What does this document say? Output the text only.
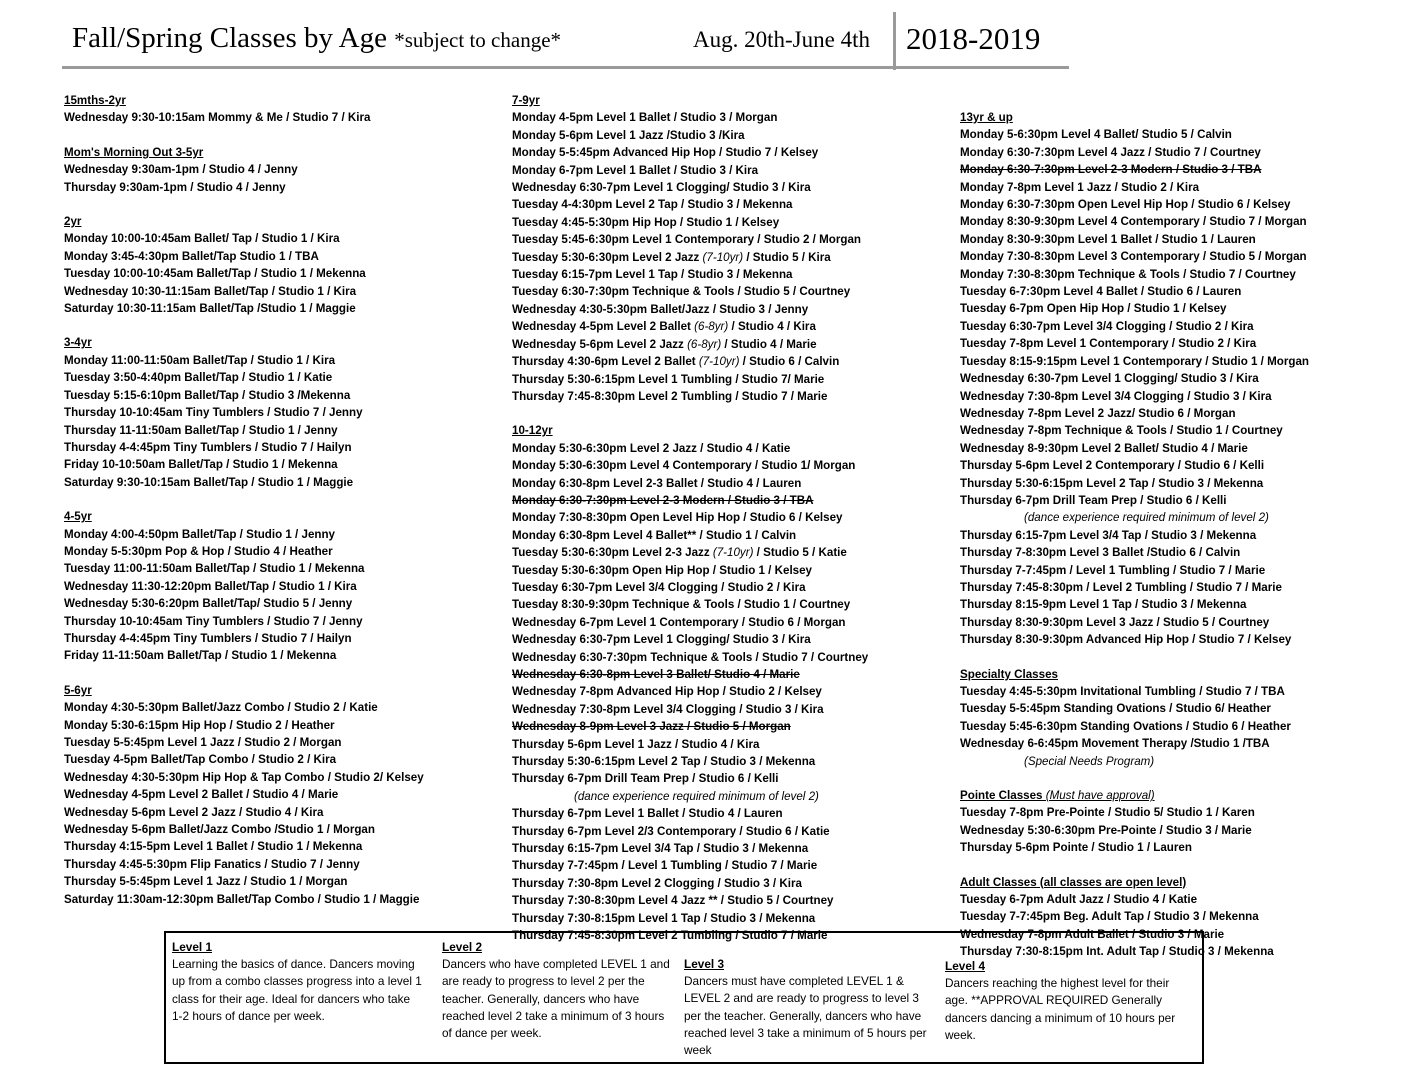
Fall/Spring Classes by Age *subject to change*	Aug. 20th-June 4th 2018-2019
15mths-2yr
Wednesday 9:30-10:15am Mommy & Me / Studio 7 / Kira
Mom's Morning Out 3-5yr
Wednesday 9:30am-1pm / Studio 4 / Jenny
Thursday 9:30am-1pm / Studio 4 / Jenny
2yr
Monday 10:00-10:45am Ballet/ Tap / Studio 1 / Kira
Monday 3:45-4:30pm Ballet/Tap Studio 1 / TBA
Tuesday 10:00-10:45am Ballet/Tap / Studio 1 / Mekenna
Wednesday 10:30-11:15am Ballet/Tap / Studio 1 / Kira
Saturday 10:30-11:15am Ballet/Tap /Studio 1 / Maggie
3-4yr
Monday 11:00-11:50am Ballet/Tap / Studio 1 / Kira
Tuesday 3:50-4:40pm Ballet/Tap / Studio 1 / Katie
Tuesday 5:15-6:10pm Ballet/Tap / Studio 3 /Mekenna
Thursday 10-10:45am Tiny Tumblers / Studio 7 / Jenny
Thursday 11-11:50am Ballet/Tap / Studio 1 / Jenny
Thursday 4-4:45pm Tiny Tumblers / Studio 7 / Hailyn
Friday 10-10:50am Ballet/Tap / Studio 1 / Mekenna
Saturday 9:30-10:15am Ballet/Tap / Studio 1 / Maggie
4-5yr
Monday 4:00-4:50pm Ballet/Tap / Studio 1 / Jenny
Monday 5-5:30pm Pop & Hop / Studio 4 / Heather
Tuesday 11:00-11:50am Ballet/Tap / Studio 1 / Mekenna
Wednesday 11:30-12:20pm Ballet/Tap / Studio 1 / Kira
Wednesday 5:30-6:20pm Ballet/Tap/ Studio 5 / Jenny
Thursday 10-10:45am Tiny Tumblers / Studio 7 / Jenny
Thursday 4-4:45pm Tiny Tumblers / Studio 7 / Hailyn
Friday 11-11:50am Ballet/Tap / Studio 1 / Mekenna
5-6yr
Monday 4:30-5:30pm Ballet/Jazz Combo / Studio 2 / Katie
Monday 5:30-6:15pm Hip Hop / Studio 2 / Heather
Tuesday 5-5:45pm Level 1 Jazz / Studio 2 / Morgan
Tuesday 4-5pm Ballet/Tap Combo / Studio 2 / Kira
Wednesday 4:30-5:30pm Hip Hop & Tap Combo / Studio 2/ Kelsey
Wednesday 4-5pm Level 2 Ballet / Studio 4 / Marie
Wednesday 5-6pm Level 2 Jazz / Studio 4 / Kira
Wednesday 5-6pm Ballet/Jazz Combo /Studio 1 / Morgan
Thursday 4:15-5pm Level 1 Ballet / Studio 1 / Mekenna
Thursday 4:45-5:30pm Flip Fanatics / Studio 7 / Jenny
Thursday 5-5:45pm Level 1 Jazz / Studio 1 / Morgan
Saturday 11:30am-12:30pm Ballet/Tap Combo / Studio 1 / Maggie
7-9yr
Monday 4-5pm Level 1 Ballet / Studio 3 / Morgan
Monday 5-6pm Level 1 Jazz /Studio 3 /Kira
Monday 5-5:45pm Advanced Hip Hop / Studio 7 / Kelsey
Monday 6-7pm Level 1 Ballet / Studio 3 / Kira
Wednesday 6:30-7pm Level 1 Clogging/ Studio 3 / Kira
Tuesday 4-4:30pm Level 2 Tap / Studio 3 / Mekenna
Tuesday 4:45-5:30pm Hip Hop / Studio 1 / Kelsey
Tuesday 5:45-6:30pm Level 1 Contemporary / Studio 2 / Morgan
Tuesday 5:30-6:30pm Level 2 Jazz (7-10yr) / Studio 5 / Kira
Tuesday 6:15-7pm Level 1 Tap / Studio 3 / Mekenna
Tuesday 6:30-7:30pm Technique & Tools / Studio 5 / Courtney
Wednesday 4:30-5:30pm Ballet/Jazz / Studio 3 / Jenny
Wednesday 4-5pm Level 2 Ballet (6-8yr) / Studio 4 / Kira
Wednesday 5-6pm Level 2 Jazz (6-8yr) / Studio 4 / Marie
Thursday 4:30-6pm Level 2 Ballet (7-10yr) / Studio 6 / Calvin
Thursday 5:30-6:15pm Level 1 Tumbling / Studio 7/ Marie
Thursday 7:45-8:30pm Level 2 Tumbling / Studio 7 / Marie
10-12yr
Monday 5:30-6:30pm Level 2 Jazz / Studio 4 / Katie
Monday 5:30-6:30pm Level 4 Contemporary / Studio 1/ Morgan
Monday 6:30-8pm Level 2-3 Ballet / Studio 4 / Lauren
Monday 6:30-7:30pm Level 2-3 Modern / Studio 3 / TBA
Monday 7:30-8:30pm Open Level Hip Hop / Studio 6 / Kelsey
Monday 6:30-8pm Level 4 Ballet** / Studio 1 / Calvin
Tuesday 5:30-6:30pm Level 2-3 Jazz (7-10yr) / Studio 5 / Katie
Tuesday 5:30-6:30pm Open Hip Hop / Studio 1 / Kelsey
Tuesday 6:30-7pm Level 3/4 Clogging / Studio 2 / Kira
Tuesday 8:30-9:30pm Technique & Tools / Studio 1 / Courtney
Wednesday 6-7pm Level 1 Contemporary / Studio 6 / Morgan
Wednesday 6:30-7pm Level 1 Clogging/ Studio 3 / Kira
Wednesday 6:30-7:30pm Technique & Tools / Studio 7 / Courtney
Wednesday 6:30-8pm Level 3 Ballet/ Studio 4 / Marie
Wednesday 7-8pm Advanced Hip Hop / Studio 2 / Kelsey
Wednesday 7:30-8pm Level 3/4 Clogging / Studio 3 / Kira
Wednesday 8-9pm Level 3 Jazz / Studio 5 / Morgan
Thursday 5-6pm Level 1 Jazz / Studio 4 / Kira
Thursday 5:30-6:15pm Level 2 Tap / Studio 3 / Mekenna
Thursday 6-7pm Drill Team Prep / Studio 6 / Kelli
(dance experience required minimum of level 2)
Thursday 6-7pm Level 1 Ballet / Studio 4 / Lauren
Thursday 6-7pm Level 2/3 Contemporary / Studio 6 / Katie
Thursday 6:15-7pm Level 3/4 Tap / Studio 3 / Mekenna
Thursday 7-7:45pm / Level 1 Tumbling / Studio 7 / Marie
Thursday 7:30-8pm Level 2 Clogging / Studio 3 / Kira
Thursday 7:30-8:30pm Level 4 Jazz ** / Studio 5 / Courtney
Thursday 7:30-8:15pm Level 1 Tap / Studio 3 / Mekenna
Thursday 7:45-8:30pm Level 2 Tumbling / Studio 7 / Marie
13yr & up
Monday 5-6:30pm Level 4 Ballet/ Studio 5 / Calvin
Monday 6:30-7:30pm Level 4 Jazz / Studio 7 / Courtney
Monday 6:30-7:30pm Level 2-3 Modern / Studio 3 / TBA
Monday 7-8pm Level 1 Jazz / Studio 2 / Kira
Monday 6:30-7:30pm Open Level Hip Hop / Studio 6 / Kelsey
Monday 8:30-9:30pm Level 4 Contemporary / Studio 7 / Morgan
Monday 8:30-9:30pm Level 1 Ballet / Studio 1 / Lauren
Monday 7:30-8:30pm Level 3 Contemporary / Studio 5 / Morgan
Monday 7:30-8:30pm Technique & Tools / Studio 7 / Courtney
Tuesday 6-7:30pm Level 4 Ballet / Studio 6 / Lauren
Tuesday 6-7pm Open Hip Hop / Studio 1 / Kelsey
Tuesday 6:30-7pm Level 3/4 Clogging / Studio 2 / Kira
Tuesday 7-8pm Level 1 Contemporary / Studio 2 / Kira
Tuesday 8:15-9:15pm Level 1 Contemporary / Studio 1 / Morgan
Wednesday 6:30-7pm Level 1 Clogging/ Studio 3 / Kira
Wednesday 7:30-8pm Level 3/4 Clogging / Studio 3 / Kira
Wednesday 7-8pm Level 2 Jazz/ Studio 6 / Morgan
Wednesday 7-8pm Technique & Tools / Studio 1 / Courtney
Wednesday 8-9:30pm Level 2 Ballet/ Studio 4 / Marie
Thursday 5-6pm Level 2 Contemporary / Studio 6 / Kelli
Thursday 5:30-6:15pm Level 2 Tap / Studio 3 / Mekenna
Thursday 6-7pm Drill Team Prep / Studio 6 / Kelli
(dance experience required minimum of level 2)
Thursday 6:15-7pm Level 3/4 Tap / Studio 3 / Mekenna
Thursday 7-8:30pm Level 3 Ballet /Studio 6 / Calvin
Thursday 7-7:45pm / Level 1 Tumbling / Studio 7 / Marie
Thursday 7:45-8:30pm / Level 2 Tumbling / Studio 7 / Marie
Thursday 8:15-9pm Level 1 Tap / Studio 3 / Mekenna
Thursday 8:30-9:30pm Level 3 Jazz / Studio 5 / Courtney
Thursday 8:30-9:30pm Advanced Hip Hop / Studio 7 / Kelsey
Specialty Classes
Tuesday 4:45-5:30pm Invitational Tumbling / Studio 7 / TBA
Tuesday 5-5:45pm Standing Ovations / Studio 6/ Heather
Tuesday 5:45-6:30pm Standing Ovations / Studio 6 / Heather
Wednesday 6-6:45pm Movement Therapy /Studio 1 /TBA
(Special Needs Program)
Pointe Classes (Must have approval)
Tuesday 7-8pm Pre-Pointe / Studio 5/ Studio 1 / Karen
Wednesday 5:30-6:30pm Pre-Pointe / Studio 3 / Marie
Thursday 5-6pm Pointe / Studio 1 / Lauren
Adult Classes (all classes are open level)
Tuesday 6-7pm Adult Jazz / Studio 4 / Katie
Tuesday 7-7:45pm Beg. Adult Tap / Studio 3 / Mekenna
Wednesday 7-8pm Adult Ballet / Studio 3 / Marie
Thursday 7:30-8:15pm Int. Adult Tap / Studio 3 / Mekenna
Level 1
Learning the basics of dance. Dancers moving up from a combo classes progress into a level 1 class for their age. Ideal for dancers who take 1-2 hours of dance per week.
Level 2
Dancers who have completed LEVEL 1 and are ready to progress to level 2 per the teacher. Generally, dancers who have reached level 2 take a minimum of 3 hours of dance per week.
Level 3
Dancers must have completed LEVEL 1 & LEVEL 2 and are ready to progress to level 3 per the teacher. Generally, dancers who have reached level 3 take a minimum of 5 hours per week
Level 4
Dancers reaching the highest level for their age. **APPROVAL REQUIRED Generally dancers dancing a minimum of 10 hours per week.
